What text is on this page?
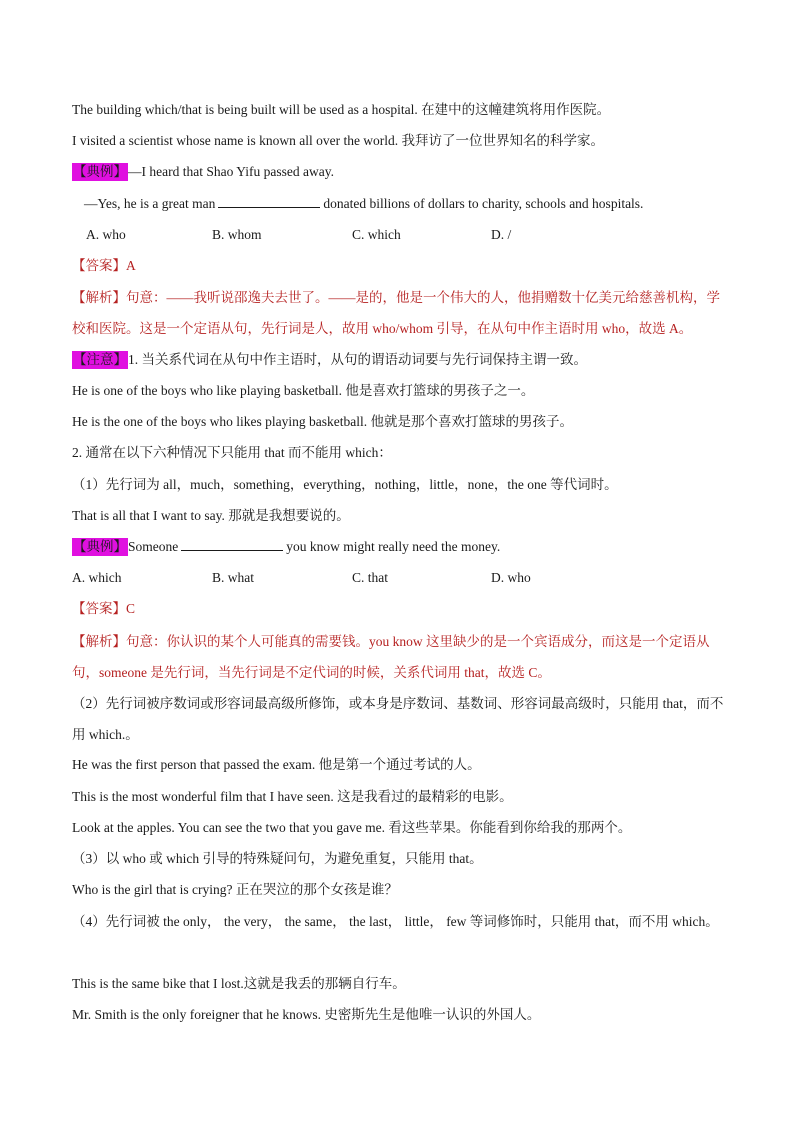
The building which/that is being built will be used as a hospital. 在建中的这幢建筑将用作医院。
I visited a scientist whose name is known all over the world. 我拜访了一位世界知名的科学家。
【典例】—I heard that Shao Yifu passed away.
—Yes, he is a great man	donated billions of dollars to charity, schools and hospitals.
A. who	B. whom	C. which	D. /
【答案】A
【解析】句意：——我听说邵逸夫去世了。——是的，他是一个伟大的人，他捐赠数十亿美元给慈善机构，学校和医院。这是一个定语从句，先行词是人，故用 who/whom 引导，在从句中作主语时用 who，故选 A。
【注意】1. 当关系代词在从句中作主语时，从句的谓语动词要与先行词保持主谓一致。
He is one of the boys who like playing basketball. 他是喜欢打篮球的男孩子之一。
He is the one of the boys who likes playing basketball. 他就是那个喜欢打篮球的男孩子。
2. 通常在以下六种情况下只能用 that 而不能用 which：
（1）先行词为 all，much，something，everything，nothing，little，none，the one 等代词时。
That is all that I want to say. 那就是我想要说的。
【典例】Someone	you know might really need the money.
A. which	B. what	C. that	D. who
【答案】C
【解析】句意：你认识的某个人可能真的需要钱。you know 这里缺少的是一个宾语成分，而这是一个定语从句，someone 是先行词，当先行词是不定代词的时候，关系代词用 that，故选 C。
（2）先行词被序数词或形容词最高级所修饰，或本身是序数词、基数词、形容词最高级时，只能用 that，而不用 which.。
He was the first person that passed the exam. 他是第一个通过考试的人。
This is the most wonderful film that I have seen. 这是我看过的最精彩的电影。
Look at the apples. You can see the two that you gave me. 看这些苹果。你能看到你给我的那两个。
（3）以 who 或 which 引导的特殊疑问句，为避免重复，只能用 that。
Who is the girl that is crying? 正在哭泣的那个女孩是谁？
（4）先行词被 the only， the very， the same， the last， little， few 等词修饰时，只能用 that，而不用 which。
This is the same bike that I lost.这就是我丢的那辆自行车。
Mr. Smith is the only foreigner that he knows. 史密斯先生是他唯一认识的外国人。
